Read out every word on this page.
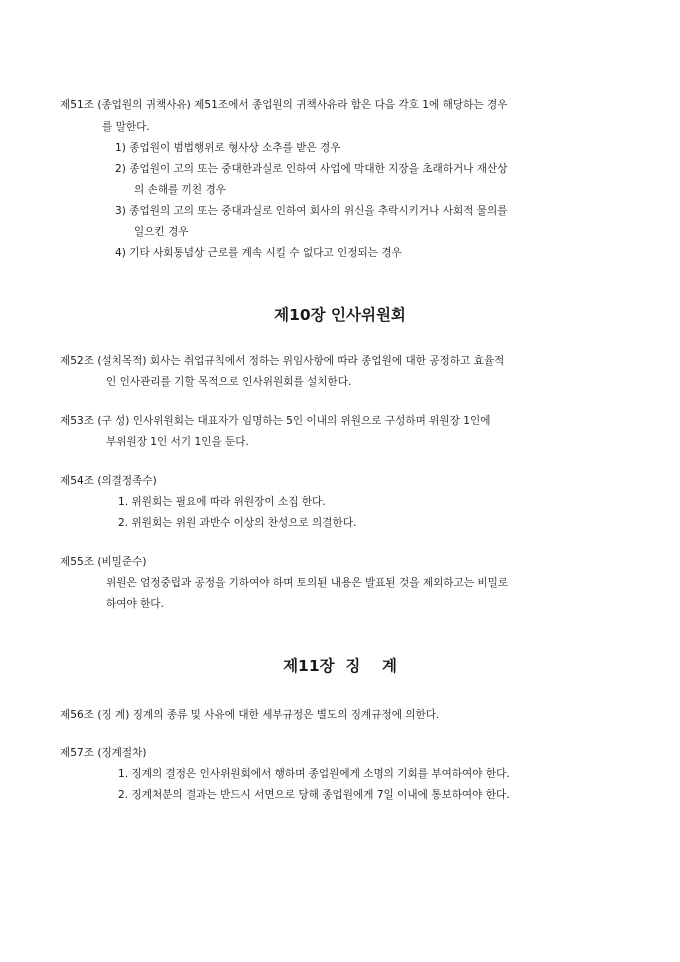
제51조 (종업원의 귀책사유) 제51조에서 종업원의 귀책사유라 함은 다음 각호 1에 해당하는 경우
를 말한다.
1) 종업원이 범법행위로 형사상 소추를 받은 경우
2) 종업원이 고의 또는 중대한과실로 인하여 사업에 막대한 지장을 초래하거나 재산상
의 손해를 끼친 경우
3) 종업원의 고의 또는 중대과실로 인하여 회사의 위신을 추락시키거나 사회적 물의를
일으킨 경우
4) 기타 사회통념상 근로를 계속 시킬 수 없다고 인정되는 경우
제10장 인사위원회
제52조 (설치목적) 회사는 취업규칙에서 정하는 위임사항에 따라 종업원에 대한 공정하고 효율적
인 인사관리를 기할 목적으로 인사위원회를 설치한다.
제53조 (구 성) 인사위원회는 대표자가 임명하는 5인 이내의 위원으로 구성하며 위원장 1인에
부위원장 1인 서기 1인을 둔다.
제54조 (의결정족수)
1. 위원회는 필요에 따라 위원장이 소집 한다.
2. 위원회는 위원 과반수 이상의 찬성으로 의결한다.
제55조 (비밀준수)
위원은 엄정중립과 공정을 기하여야 하며 토의된 내용은 발표된 것을 제외하고는 비밀로
하여야 한다.
제11장  징    계
제56조 (징 계) 징계의 종류 및 사유에 대한 세부규정은 별도의 징계규정에 의한다.
제57조 (징계절차)
1. 징계의 결정은 인사위원회에서 행하며 종업원에게 소명의 기회를 부여하여야 한다.
2. 징계처분의 결과는 반드시 서면으로 당해 종업원에게 7일 이내에 통보하여야 한다.
